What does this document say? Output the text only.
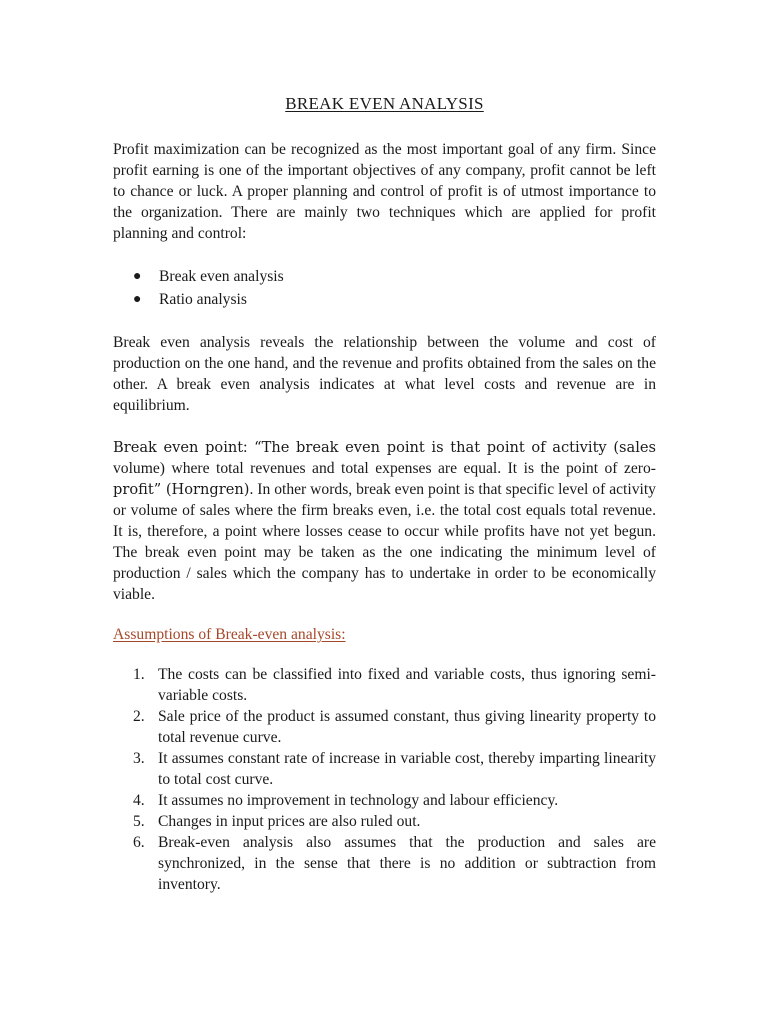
BREAK EVEN ANALYSIS

Profit maximization can be recognized as the most important goal of any firm. Since profit earning is one of the important objectives of any company, profit cannot be left to chance or luck. A proper planning and control of profit is of utmost importance to the organization. There are mainly two techniques which are applied for profit planning and control:

● Break even analysis
● Ratio analysis

Break even analysis reveals the relationship between the volume and cost of production on the one hand, and the revenue and profits obtained from the sales on the other. A break even analysis indicates at what level costs and revenue are in equilibrium.

Break even point: “The break even point is that point of activity (sales volume) where total revenues and total expenses are equal. It is the point of zero-profit” (Horngren). In other words, break even point is that specific level of activity or volume of sales where the firm breaks even, i.e. the total cost equals total revenue. It is, therefore, a point where losses cease to occur while profits have not yet begun. The break even point may be taken as the one indicating the minimum level of production / sales which the company has to undertake in order to be economically viable.

Assumptions of Break-even analysis:

1. The costs can be classified into fixed and variable costs, thus ignoring semi-variable costs.
2. Sale price of the product is assumed constant, thus giving linearity property to total revenue curve.
3. It assumes constant rate of increase in variable cost, thereby imparting linearity to total cost curve.
4. It assumes no improvement in technology and labour efficiency.
5. Changes in input prices are also ruled out.
6. Break-even analysis also assumes that the production and sales are synchronized, in the sense that there is no addition or subtraction from inventory.
